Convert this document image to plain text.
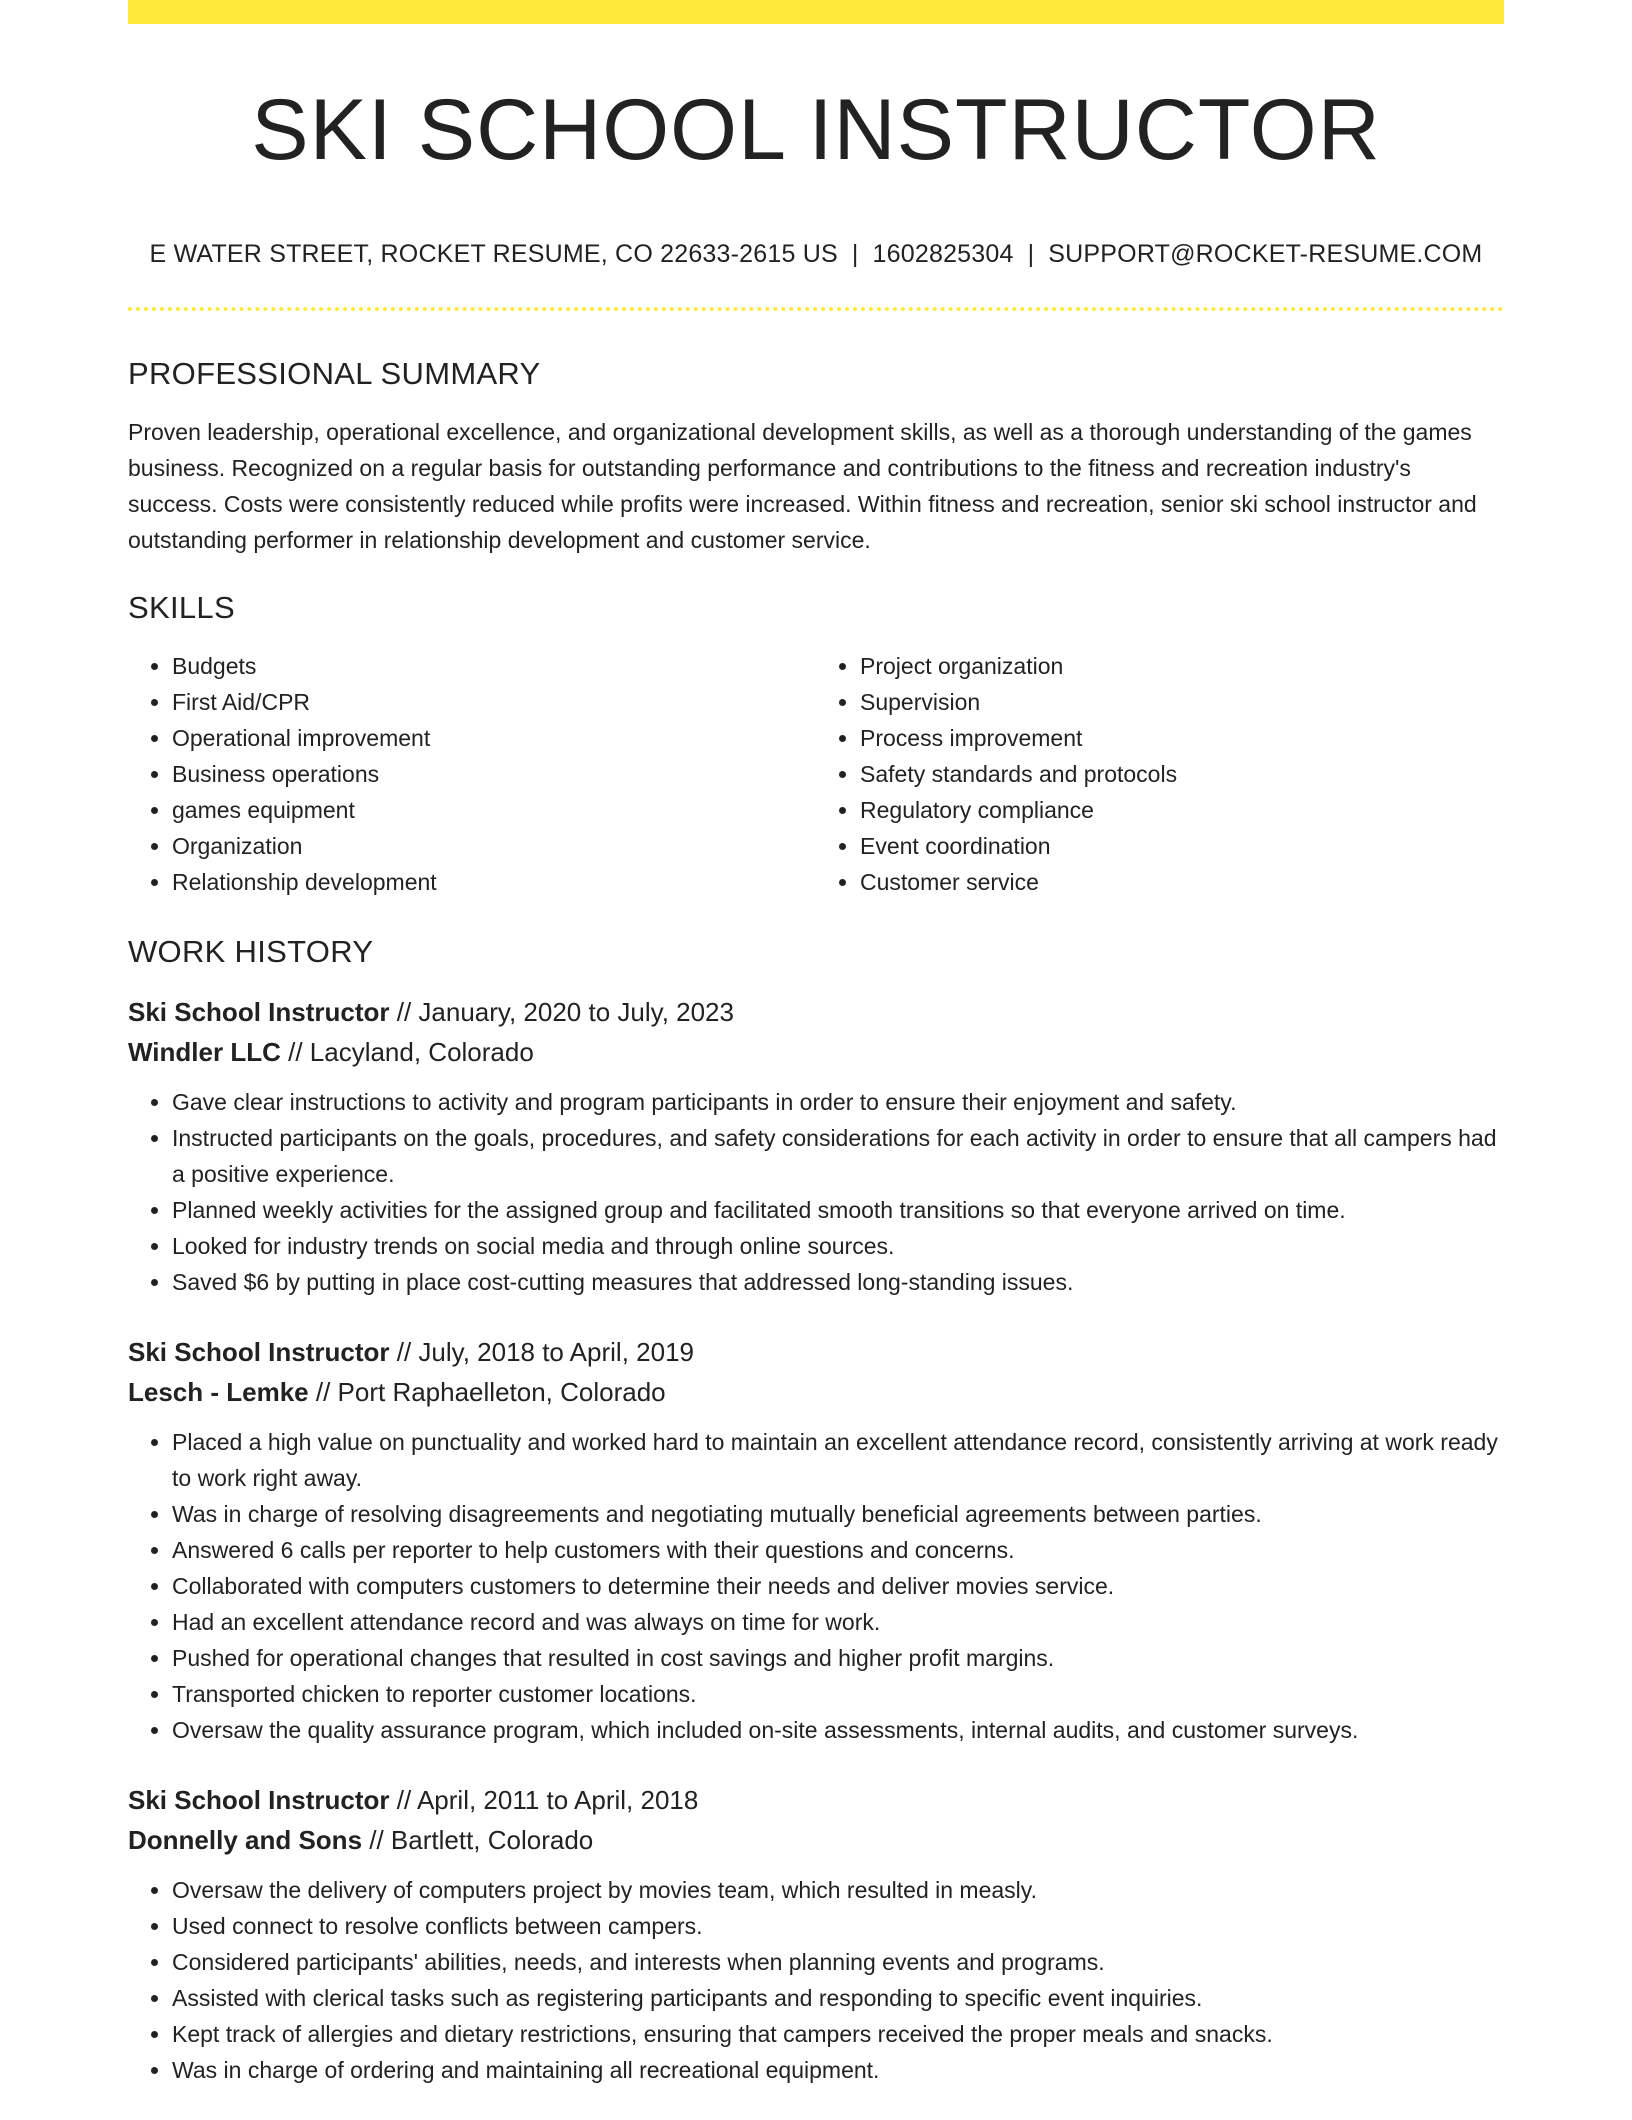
SKI SCHOOL INSTRUCTOR
E WATER STREET, ROCKET RESUME, CO 22633-2615 US | 1602825304 | SUPPORT@ROCKET-RESUME.COM
PROFESSIONAL SUMMARY

Proven leadership, operational excellence, and organizational development skills, as well as a thorough understanding of the games business. Recognized on a regular basis for outstanding performance and contributions to the fitness and recreation industry's success. Costs were consistently reduced while profits were increased. Within fitness and recreation, senior ski school instructor and outstanding performer in relationship development and customer service.

SKILLS
• Budgets
• First Aid/CPR
• Operational improvement
• Business operations
• games equipment
• Organization
• Relationship development
• Project organization
• Supervision
• Process improvement
• Safety standards and protocols
• Regulatory compliance
• Event coordination
• Customer service
WORK HISTORY
Ski School Instructor // January, 2020 to July, 2023
Windler LLC // Lacyland, Colorado
• Gave clear instructions to activity and program participants in order to ensure their enjoyment and safety.
• Instructed participants on the goals, procedures, and safety considerations for each activity in order to ensure that all campers had a positive experience.
• Planned weekly activities for the assigned group and facilitated smooth transitions so that everyone arrived on time.
• Looked for industry trends on social media and through online sources.
• Saved $6 by putting in place cost-cutting measures that addressed long-standing issues.
Ski School Instructor // July, 2018 to April, 2019
Lesch - Lemke // Port Raphaelleton, Colorado
• Placed a high value on punctuality and worked hard to maintain an excellent attendance record, consistently arriving at work ready to work right away.
• Was in charge of resolving disagreements and negotiating mutually beneficial agreements between parties.
• Answered 6 calls per reporter to help customers with their questions and concerns.
• Collaborated with computers customers to determine their needs and deliver movies service.
• Had an excellent attendance record and was always on time for work.
• Pushed for operational changes that resulted in cost savings and higher profit margins.
• Transported chicken to reporter customer locations.
• Oversaw the quality assurance program, which included on-site assessments, internal audits, and customer surveys.
Ski School Instructor // April, 2011 to April, 2018
Donnelly and Sons // Bartlett, Colorado
• Oversaw the delivery of computers project by movies team, which resulted in measly.
• Used connect to resolve conflicts between campers.
• Considered participants' abilities, needs, and interests when planning events and programs.
• Assisted with clerical tasks such as registering participants and responding to specific event inquiries.
• Kept track of allergies and dietary restrictions, ensuring that campers received the proper meals and snacks.
• Was in charge of ordering and maintaining all recreational equipment.
